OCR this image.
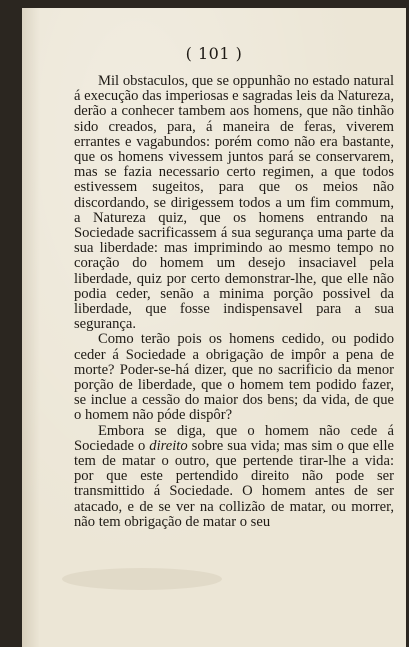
( 101 )

Mil obstaculos, que se oppunhão no estado natural á execução das imperiosas e sagradas leis da Natureza, derão a conhecer tambem aos homens, que não tinhão sido creados, para, á maneira de feras, viverem errantes e vagabundos: porém como não era bastante, que os homens vivessem juntos pará se conservarem, mas se fazia necessario certo regimen, a que todos estivessem sugeitos, para que os meios não discordando, se dirigessem todos a um fim commum, a Natureza quiz, que os homens entrando na Sociedade sacrificassem á sua segurança uma parte da sua liberdade: mas imprimindo ao mesmo tempo no coração do homem um desejo insaciavel pela liberdade, quiz por certo demonstrar-lhe, que elle não podia ceder, senão a minima porção possivel da liberdade, que fosse indispensavel para a sua segurança.

Como terão pois os homens cedido, ou podido ceder á Sociedade a obrigação de impôr a pena de morte? Poder-se-há dizer, que no sacrificio da menor porção de liberdade, que o homem tem podido fazer, se inclue a cessão do maior dos bens; da vida, de que o homem não póde dispôr?

Embora se diga, que o homem não cede á Sociedade o direito sobre sua vida; mas sim o que elle tem de matar o outro, que pertende tirar-lhe a vida: por que este pertendido direito não pode ser transmittido á Sociedade. O homem antes de ser atacado, e de se ver na collizão de matar, ou morrer, não tem obrigação de matar o seu
